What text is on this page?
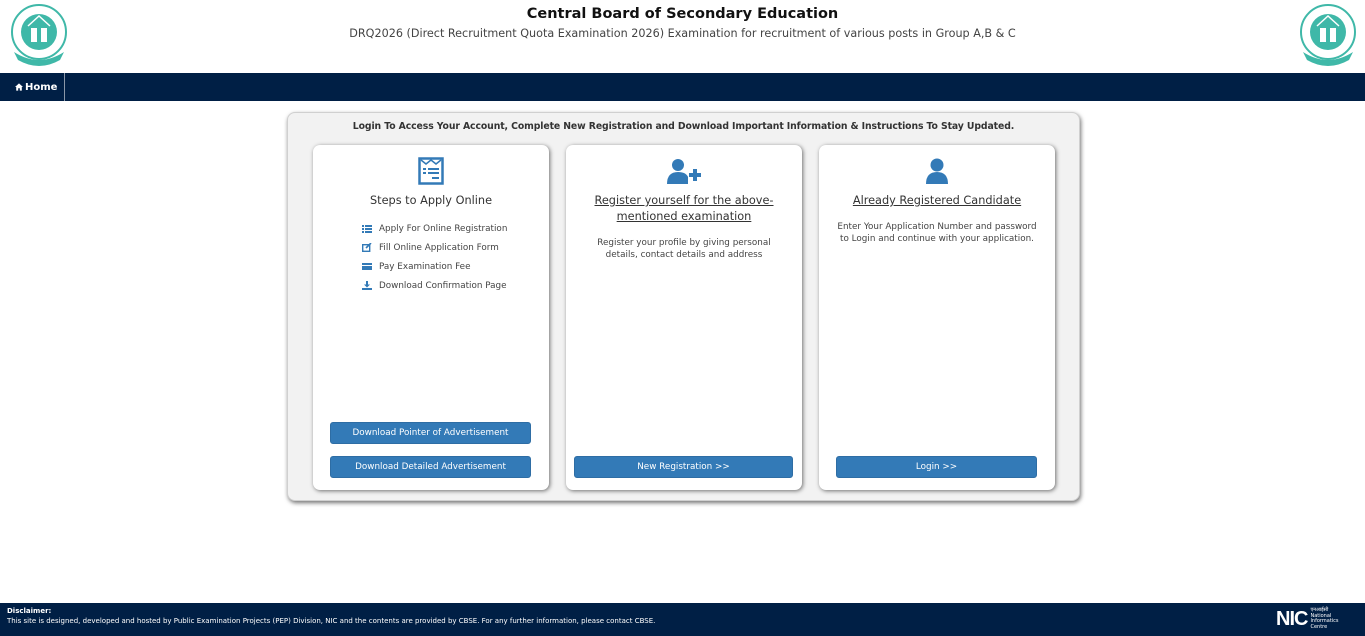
Central Board of Secondary Education
DRQ2026 (Direct Recruitment Quota Examination 2026) Examination for recruitment of various posts in Group A,B & C
Home
Login To Access Your Account, Complete New Registration and Download Important Information & Instructions To Stay Updated.
Steps to Apply Online
Apply For Online Registration
Fill Online Application Form
Pay Examination Fee
Download Confirmation Page
Download Pointer of Advertisement
Download Detailed Advertisement
Register yourself for the above-mentioned examination
Register your profile by giving personal details, contact details and address
New Registration >>
Already Registered Candidate
Enter Your Application Number and password to Login and continue with your application.
Login >>
Disclaimer:
This site is designed, developed and hosted by Public Examination Projects (PEP) Division, NIC and the contents are provided by CBSE. For any further information, please contact CBSE.	NIC एनआईसी
National
Informatics
Centre
